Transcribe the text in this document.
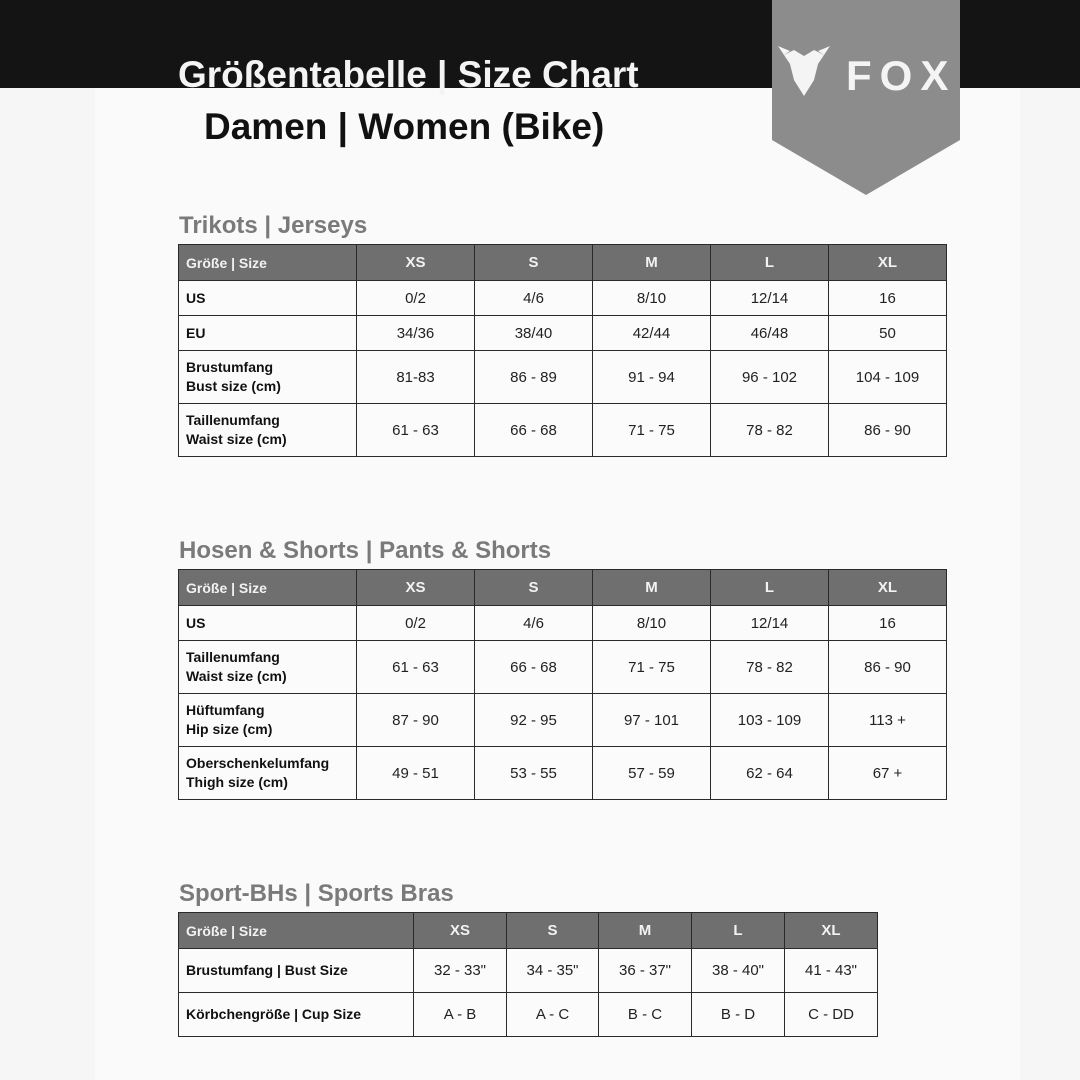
Größentabelle | Size Chart
Damen | Women (Bike)
FOX
Trikots | Jerseys
Größe | Size	XS	S	M	L	XL

US	0/2	4/6	8/10	12/14	16

EU	34/36	38/40	42/44	46/48	50

Brustumfang
Bust size (cm)	81-83	86 - 89	91 - 94	96 - 102	104 - 109

Taillenumfang
Waist size (cm)	61 - 63	66 - 68	71 - 75	78 - 82	86 - 90
Hosen & Shorts | Pants & Shorts
Größe | Size	XS	S	M	L	XL

US	0/2	4/6	8/10	12/14	16

Taillenumfang
Waist size (cm)	61 - 63	66 - 68	71 - 75	78 - 82	86 - 90

Hüftumfang
Hip size (cm)	87 - 90	92 - 95	97 - 101	103 - 109	113 +

Oberschenkelumfang
Thigh size (cm)	49 - 51	53 - 55	57 - 59	62 - 64	67 +
Sport-BHs | Sports Bras
Größe | Size	XS	S	M	L	XL

Brustumfang | Bust Size	32 - 33"	34 - 35"	36 - 37"	38 - 40"	41 - 43"

Körbchengröße | Cup Size	A - B	A - C	B - C	B - D	C - DD
